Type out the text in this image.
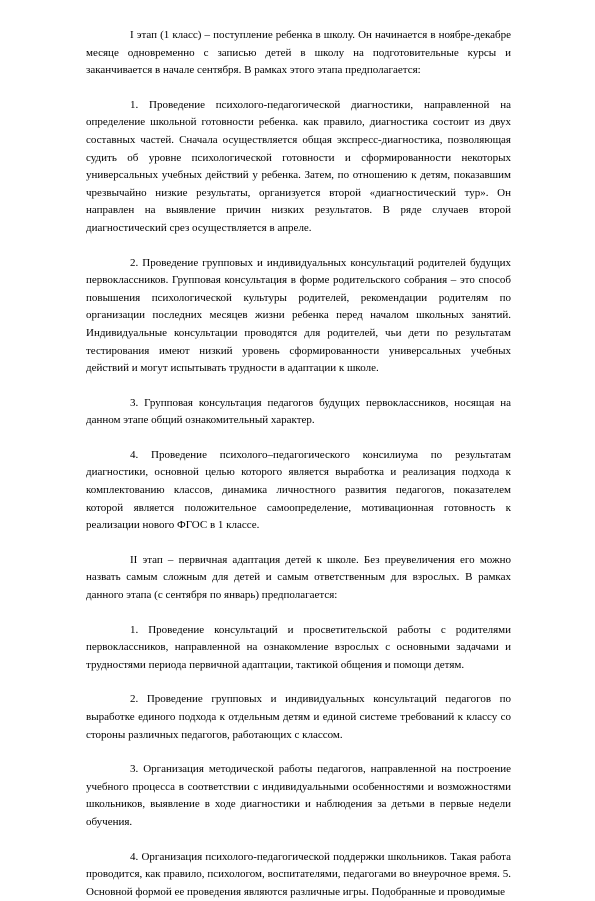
I этап (1 класс) – поступление ребенка в школу. Он начинается в ноябре-декабре месяце одновременно с записью детей в школу на подготовительные курсы и заканчивается в начале сентября. В рамках этого этапа предполагается:

1. Проведение психолого-педагогической диагностики, направленной на определение школьной готовности ребенка. как правило, диагностика состоит из двух составных частей. Сначала осуществляется общая экспресс-диагностика, позволяющая судить об уровне психологической готовности и сформированности некоторых универсальных учебных действий у ребенка. Затем, по отношению к детям, показавшим чрезвычайно низкие результаты, организуется второй «диагностический тур». Он направлен на выявление причин низких результатов. В ряде случаев второй диагностический срез осуществляется в апреле.

2. Проведение групповых и индивидуальных консультаций родителей будущих первоклассников. Групповая консультация в форме родительского собрания – это способ повышения психологической культуры родителей, рекомендации родителям по организации последних месяцев жизни ребенка перед началом школьных занятий. Индивидуальные консультации проводятся для родителей, чьи дети по результатам тестирования имеют низкий уровень сформированности универсальных учебных действий и могут испытывать трудности в адаптации к школе.

3. Групповая консультация педагогов будущих первоклассников, носящая на данном этапе общий ознакомительный характер.

4. Проведение психолого–педагогического консилиума по результатам диагностики, основной целью которого является выработка и реализация подхода к комплектованию классов, динамика личностного развития педагогов, показателем которой является положительное самоопределение, мотивационная готовность к реализации нового ФГОС в 1 классе.

II этап – первичная адаптация детей к школе. Без преувеличения его можно назвать самым сложным для детей и самым ответственным для взрослых. В рамках данного этапа (с сентября по январь) предполагается:

1. Проведение консультаций и просветительской работы с родителями первоклассников, направленной на ознакомление взрослых с основными задачами и трудностями периода первичной адаптации, тактикой общения и помощи детям.

2. Проведение групповых и индивидуальных консультаций педагогов по выработке единого подхода к отдельным детям и единой системе требований к классу со стороны различных педагогов, работающих с классом.

3. Организация методической работы педагогов, направленной на построение учебного процесса в соответствии с индивидуальными особенностями и возможностями школьников, выявление в ходе диагностики и наблюдения за детьми в первые недели обучения.

4. Организация психолого-педагогической поддержки школьников. Такая работа проводится, как правило, психологом, воспитателями, педагогами во внеурочное время. 5. Основной формой ее проведения являются различные игры. Подобранные и проводимые
